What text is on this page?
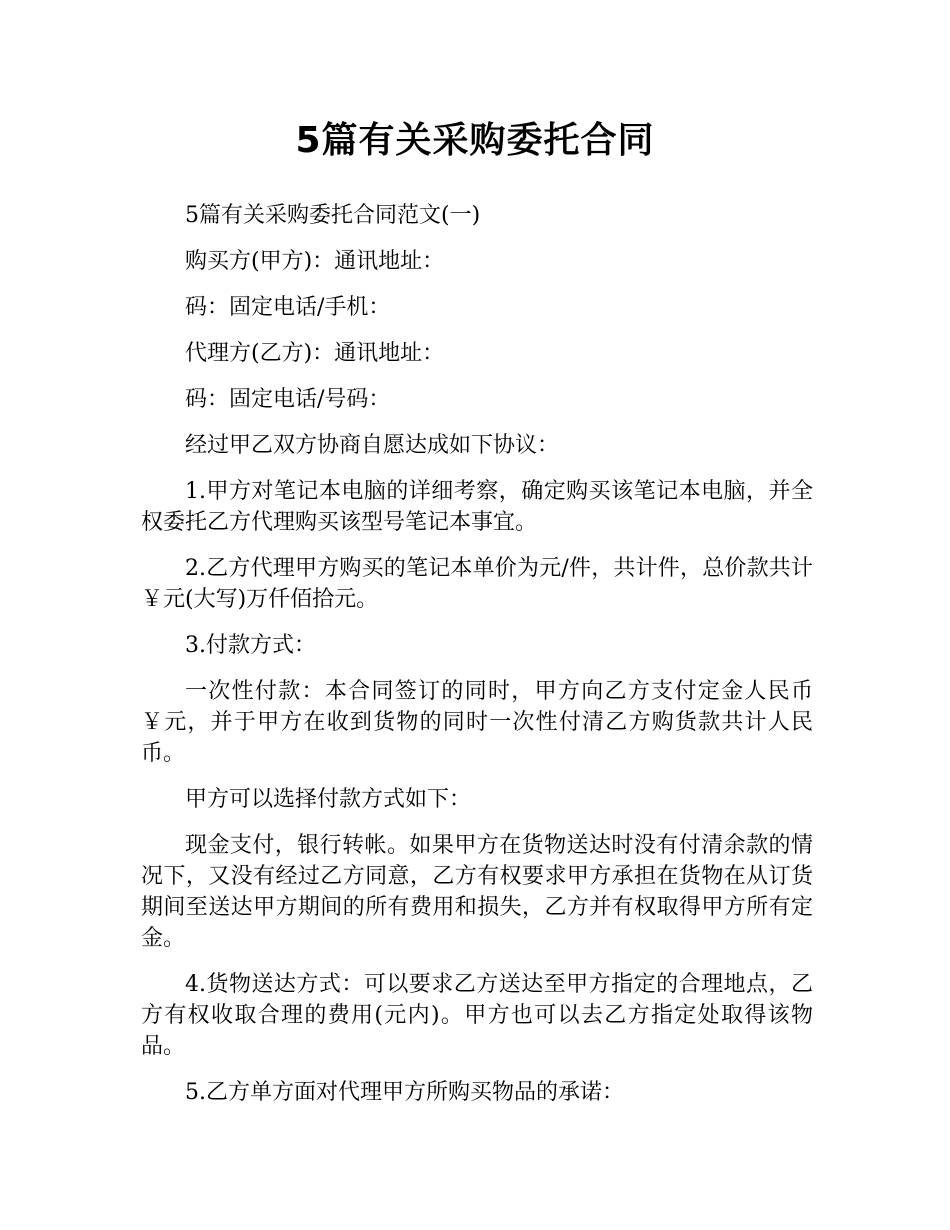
5篇有关采购委托合同

5篇有关采购委托合同范文(一)

购买方(甲方)：通讯地址：

码：固定电话/手机：

代理方(乙方)：通讯地址：

码：固定电话/号码：

经过甲乙双方协商自愿达成如下协议：

1.甲方对笔记本电脑的详细考察，确定购买该笔记本电脑，并全权委托乙方代理购买该型号笔记本事宜。

2.乙方代理甲方购买的笔记本单价为元/件，共计件，总价款共计￥元(大写)万仟佰拾元。

3.付款方式：

一次性付款：本合同签订的同时，甲方向乙方支付定金人民币￥元，并于甲方在收到货物的同时一次性付清乙方购货款共计人民币。

甲方可以选择付款方式如下：

现金支付，银行转帐。如果甲方在货物送达时没有付清余款的情况下，又没有经过乙方同意，乙方有权要求甲方承担在货物在从订货期间至送达甲方期间的所有费用和损失，乙方并有权取得甲方所有定金。

4.货物送达方式：可以要求乙方送达至甲方指定的合理地点，乙方有权收取合理的费用(元内)。甲方也可以去乙方指定处取得该物品。

5.乙方单方面对代理甲方所购买物品的承诺：
